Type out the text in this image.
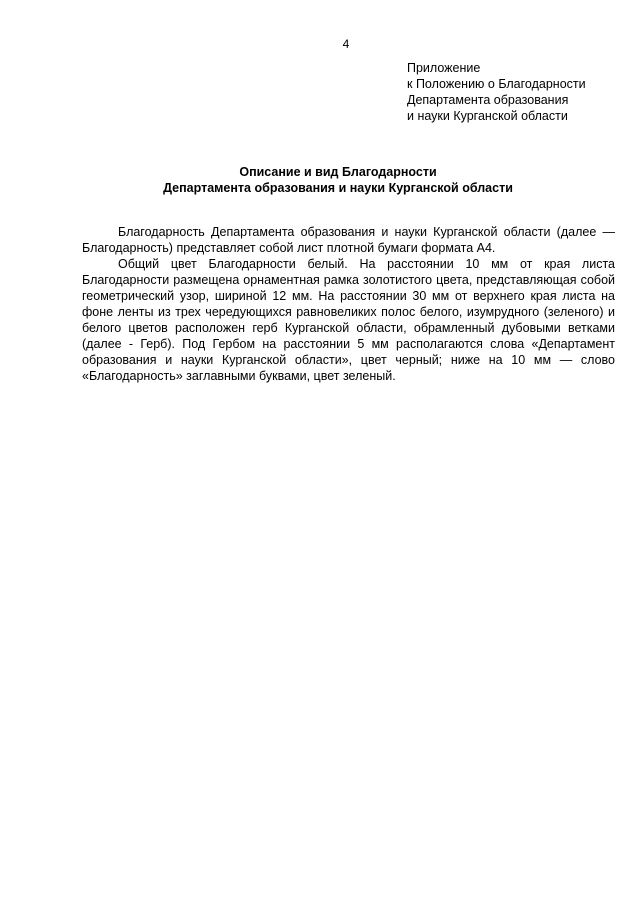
4
Приложение
к Положению о Благодарности
Департамента образования
и науки Курганской области
Описание и вид Благодарности
Департамента образования и науки Курганской области

Благодарность Департамента образования и науки Курганской области (далее — Благодарность) представляет собой лист плотной бумаги формата А4.

Общий цвет Благодарности белый. На расстоянии 10 мм от края листа Благодарности размещена орнаментная рамка золотистого цвета, представляющая собой геометрический узор, шириной 12 мм. На расстоянии 30 мм от верхнего края листа на фоне ленты из трех чередующихся равновеликих полос белого, изумрудного (зеленого) и белого цветов расположен герб Курганской области, обрамленный дубовыми ветками (далее - Герб). Под Гербом на расстоянии 5 мм располагаются слова «Департамент образования и науки Курганской области», цвет черный; ниже на 10 мм — слово «Благодарность» заглавными буквами, цвет зеленый.
